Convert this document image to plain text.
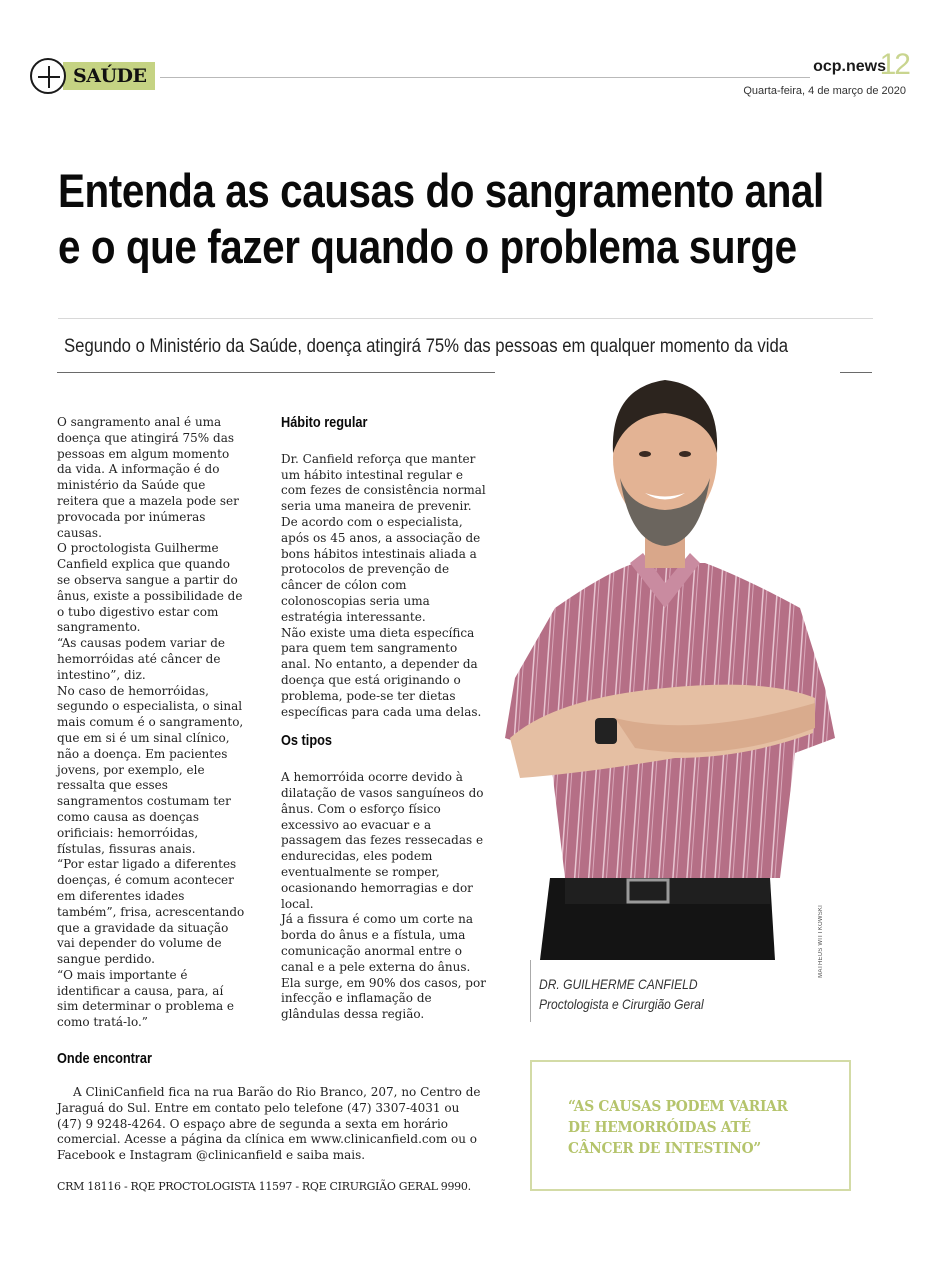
SAÚDE	ocp.news
12
Quarta-feira, 4 de março de 2020
Entenda as causas do sangramento anal
e o que fazer quando o problema surge
Segundo o Ministério da Saúde, doença atingirá 75% das pessoas em qualquer momento da vida

O sangramento anal é uma doença que atingirá 75% das pessoas em algum momento da vida. A informação é do ministério da Saúde que reitera que a mazela pode ser provocada por inúmeras causas.

O proctologista Guilherme Canfield explica que quando se observa sangue a partir do ânus, existe a possibilidade de o tubo digestivo estar com sangramento.

“As causas podem variar de hemorróidas até câncer de intestino”, diz.

No caso de hemorróidas, segundo o especialista, o sinal mais comum é o sangramento, que em si é um sinal clínico, não a doença. Em pacientes jovens, por exemplo, ele ressalta que esses sangramentos costumam ter como causa as doenças orificiais: hemorróidas, fístulas, fissuras anais.

“Por estar ligado a diferentes doenças, é comum acontecer em diferentes idades também”, frisa, acrescentando que a gravidade da situação vai depender do volume de sangue perdido.

“O mais importante é identificar a causa, para, aí sim determinar o problema e como tratá-lo.”

Hábito regular

Dr. Canfield reforça que manter um hábito intestinal regular e com fezes de consistência normal seria uma maneira de prevenir.

De acordo com o especialista, após os 45 anos, a associação de bons hábitos intestinais aliada a protocolos de prevenção de câncer de cólon com colonoscopias seria uma estratégia interessante.

Não existe uma dieta específica para quem tem sangramento anal. No entanto, a depender da doença que está originando o problema, pode-se ter dietas específicas para cada uma delas.

Os tipos

A hemorróida ocorre devido à dilatação de vasos sanguíneos do ânus. Com o esforço físico excessivo ao evacuar e a passagem das fezes ressecadas e endurecidas, eles podem eventualmente se romper, ocasionando hemorragias e dor local.

Já a fissura é como um corte na borda do ânus e a fístula, uma comunicação anormal entre o canal e a pele externa do ânus. Ela surge, em 90% dos casos, por infecção e inflamação de glândulas dessa região.

MATHEUS WITTKOWSKI
DR. GUILHERME CANFIELD
Proctologista e Cirurgião Geral
Onde encontrar

A CliniCanfield fica na rua Barão do Rio Branco, 207, no Centro de Jaraguá do Sul. Entre em contato pelo telefone (47) 3307-4031 ou (47) 9 9248-4264. O espaço abre de segunda a sexta em horário comercial. Acesse a página da clínica em www.clinicanfield.com ou o Facebook e Instagram @clinicanfield e saiba mais.

CRM 18116 - RQE PROCTOLOGISTA 11597 - RQE CIRURGIÃO GERAL 9990.
“AS CAUSAS PODEM VARIAR
DE HEMORRÓIDAS ATÉ
CÂNCER DE INTESTINO”
